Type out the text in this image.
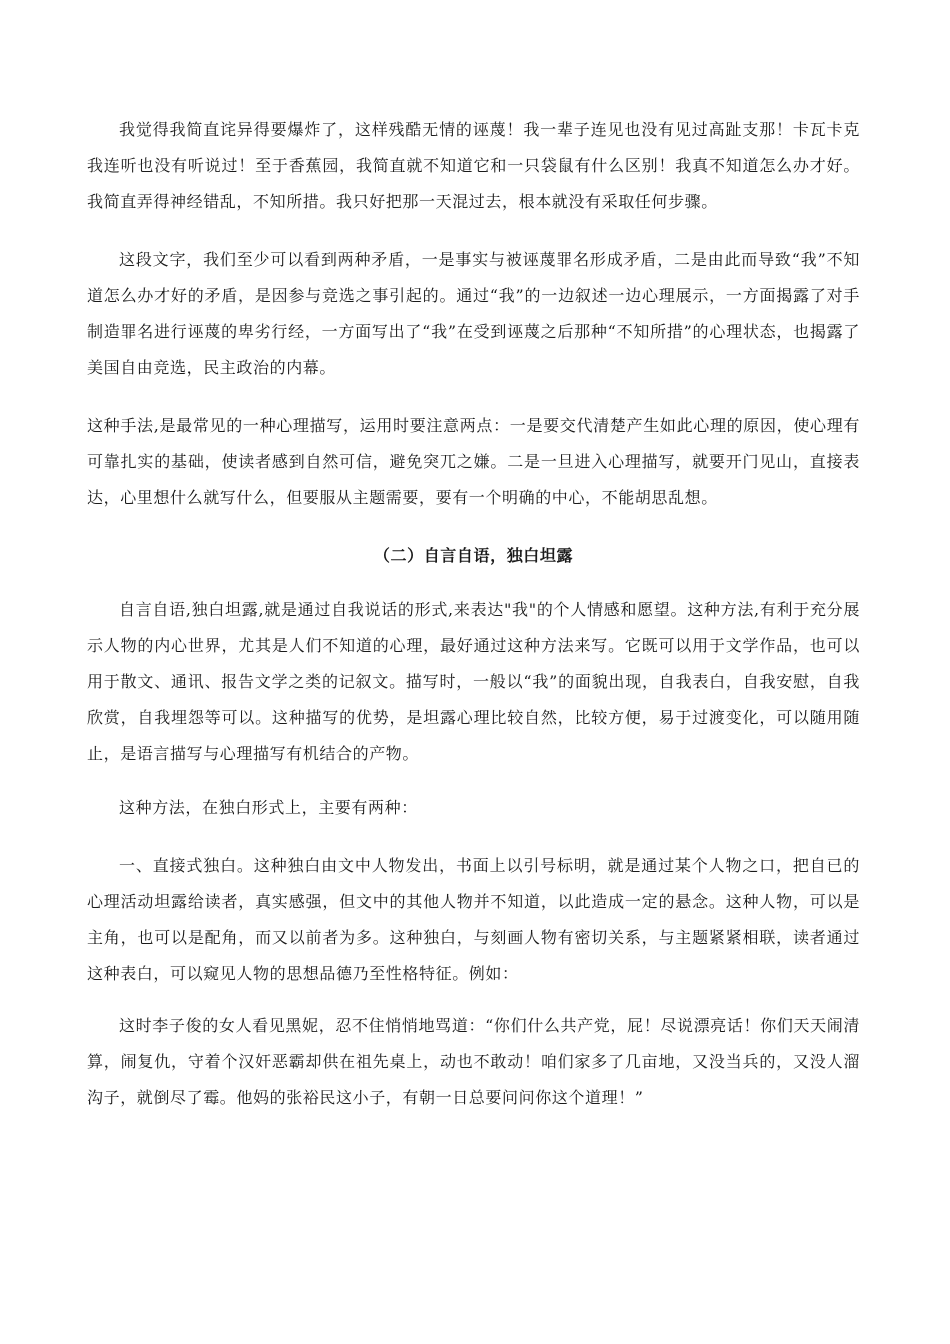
我觉得我简直诧异得要爆炸了，这样残酷无情的诬蔑！我一辈子连见也没有见过高趾支那！卡瓦卡克我连听也没有听说过！至于香蕉园，我简直就不知道它和一只袋鼠有什么区别！我真不知道怎么办才好。我简直弄得神经错乱，不知所措。我只好把那一天混过去，根本就没有采取任何步骤。

这段文字，我们至少可以看到两种矛盾，一是事实与被诬蔑罪名形成矛盾，二是由此而导致“我”不知道怎么办才好的矛盾，是因参与竞选之事引起的。通过“我”的一边叙述一边心理展示，一方面揭露了对手制造罪名进行诬蔑的卑劣行经，一方面写出了“我”在受到诬蔑之后那种“不知所措”的心理状态，也揭露了美国自由竞选，民主政治的内幕。

这种手法,是最常见的一种心理描写，运用时要注意两点：一是要交代清楚产生如此心理的原因，使心理有可靠扎实的基础，使读者感到自然可信，避免突兀之嫌。二是一旦进入心理描写，就要开门见山，直接表达，心里想什么就写什么，但要服从主题需要，要有一个明确的中心，不能胡思乱想。

（二）自言自语，独白坦露

自言自语,独白坦露,就是通过自我说话的形式,来表达"我"的个人情感和愿望。这种方法,有利于充分展示人物的内心世界，尤其是人们不知道的心理，最好通过这种方法来写。它既可以用于文学作品，也可以用于散文、通讯、报告文学之类的记叙文。描写时，一般以“我”的面貌出现，自我表白，自我安慰，自我欣赏，自我埋怨等可以。这种描写的优势，是坦露心理比较自然，比较方便，易于过渡变化，可以随用随止，是语言描写与心理描写有机结合的产物。

这种方法，在独白形式上，主要有两种：

一、直接式独白。这种独白由文中人物发出，书面上以引号标明，就是通过某个人物之口，把自已的心理活动坦露给读者，真实感强，但文中的其他人物并不知道，以此造成一定的悬念。这种人物，可以是主角，也可以是配角，而又以前者为多。这种独白，与刻画人物有密切关系，与主题紧紧相联，读者通过这种表白，可以窥见人物的思想品德乃至性格特征。例如：

这时李子俊的女人看见黑妮，忍不住悄悄地骂道：“你们什么共产党，屁！尽说漂亮话！你们天天闹清算，闹复仇，守着个汉奸恶霸却供在祖先桌上，动也不敢动！咱们家多了几亩地，又没当兵的，又没人溜沟子，就倒尽了霉。他妈的张裕民这小子，有朝一日总要问问你这个道理！”
